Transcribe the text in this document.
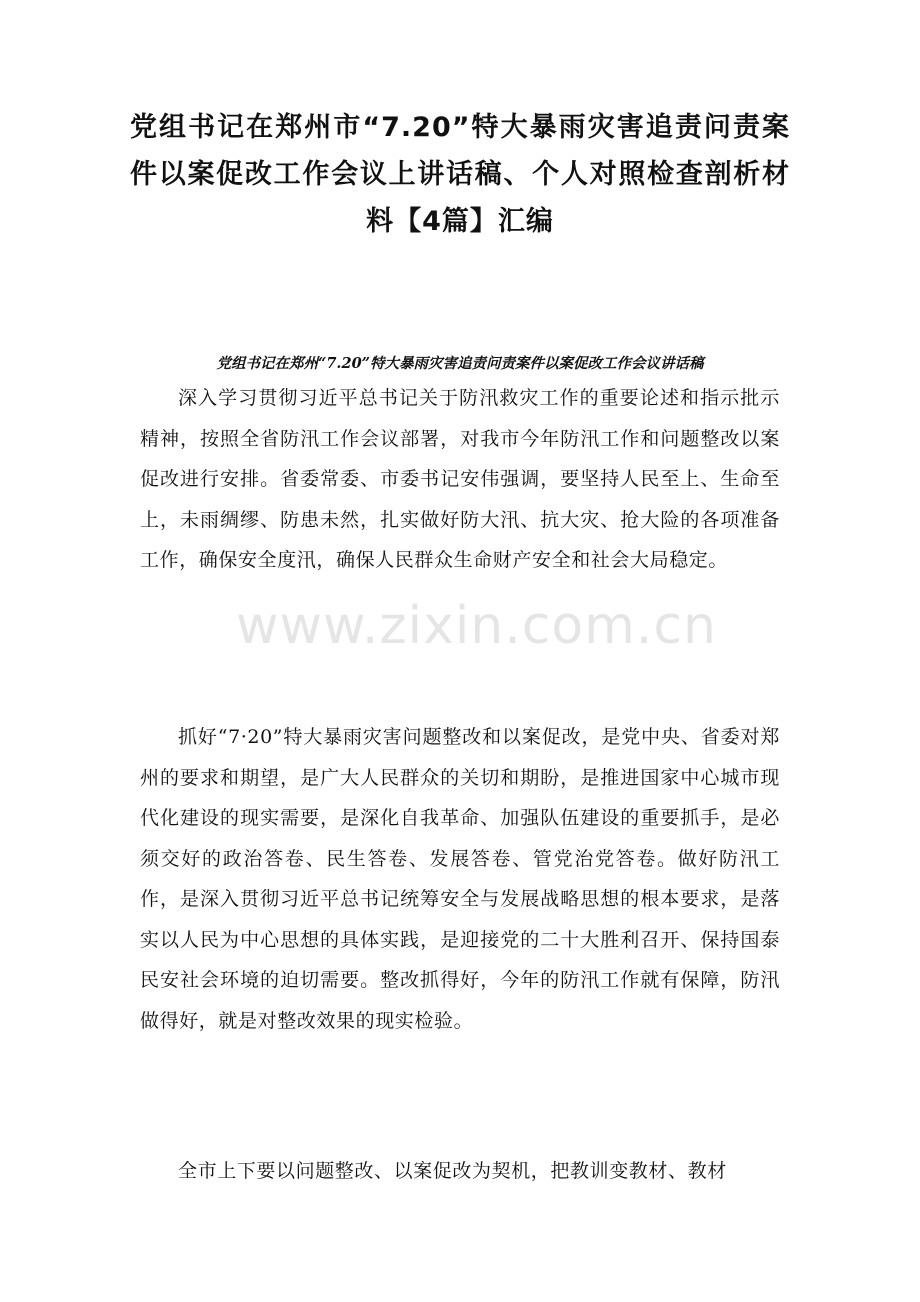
党组书记在郑州市“7.20”特大暴雨灾害追责问责案件以案促改工作会议上讲话稿、个人对照检查剖析材料【4篇】汇编
党组书记在郑州“7.20”特大暴雨灾害追责问责案件以案促改工作会议讲话稿

深入学习贯彻习近平总书记关于防汛救灾工作的重要论述和指示批示精神，按照全省防汛工作会议部署，对我市今年防汛工作和问题整改以案促改进行安排。省委常委、市委书记安伟强调，要坚持人民至上、生命至上，未雨绸缪、防患未然，扎实做好防大汛、抗大灾、抢大险的各项准备工作，确保安全度汛，确保人民群众生命财产安全和社会大局稳定。

抓好“7·20”特大暴雨灾害问题整改和以案促改，是党中央、省委对郑州的要求和期望，是广大人民群众的关切和期盼，是推进国家中心城市现代化建设的现实需要，是深化自我革命、加强队伍建设的重要抓手，是必须交好的政治答卷、民生答卷、发展答卷、管党治党答卷。做好防汛工作，是深入贯彻习近平总书记统筹安全与发展战略思想的根本要求，是落实以人民为中心思想的具体实践，是迎接党的二十大胜利召开、保持国泰民安社会环境的迫切需要。整改抓得好，今年的防汛工作就有保障，防汛做得好，就是对整改效果的现实检验。

全市上下要以问题整改、以案促改为契机，把教训变教材、教材

www.zixin.com.cn
